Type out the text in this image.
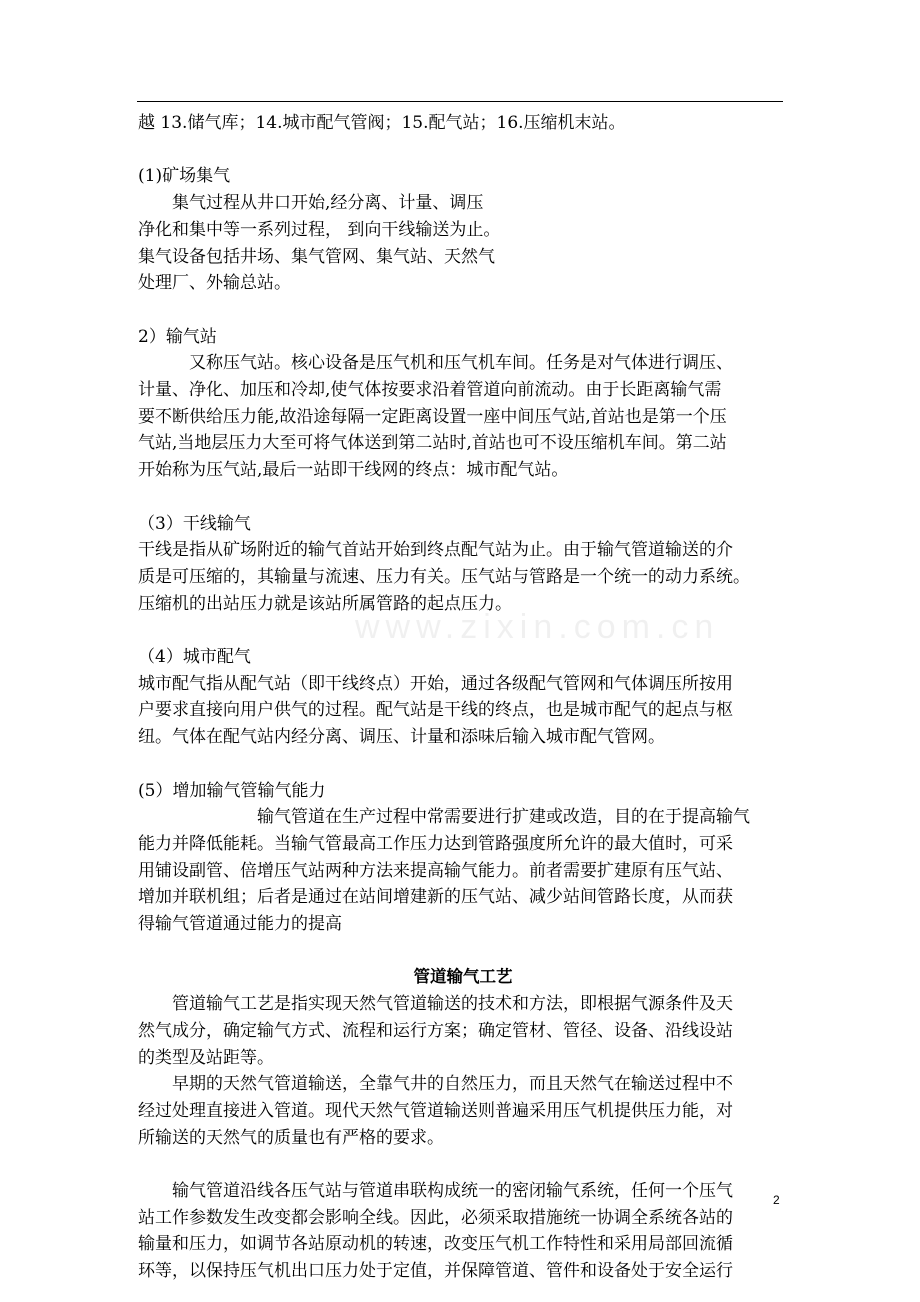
www.zixin.com.cn

越 13.储气库；14.城市配气管阀；15.配气站；16.压缩机末站。

(1)矿场集气

　　集气过程从井口开始,经分离、计量、调压

净化和集中等一系列过程， 到向干线输送为止。

集气设备包括井场、集气管网、集气站、天然气

处理厂、外输总站。

2）输气站

　　　又称压气站。核心设备是压气机和压气机车间。任务是对气体进行调压、

计量、净化、加压和冷却,使气体按要求沿着管道向前流动。由于长距离输气需

要不断供给压力能,故沿途每隔一定距离设置一座中间压气站,首站也是第一个压

气站,当地层压力大至可将气体送到第二站时,首站也可不设压缩机车间。第二站

开始称为压气站,最后一站即干线网的终点：城市配气站。

（3）干线输气

干线是指从矿场附近的输气首站开始到终点配气站为止。由于输气管道输送的介

质是可压缩的，其输量与流速、压力有关。压气站与管路是一个统一的动力系统。

压缩机的出站压力就是该站所属管路的起点压力。

（4）城市配气

城市配气指从配气站（即干线终点）开始，通过各级配气管网和气体调压所按用

户要求直接向用户供气的过程。配气站是干线的终点，也是城市配气的起点与枢

纽。气体在配气站内经分离、调压、计量和添味后输入城市配气管网。

(5）增加输气管输气能力

　　　　　　　输气管道在生产过程中常需要进行扩建或改造，目的在于提高输气

能力并降低能耗。当输气管最高工作压力达到管路强度所允许的最大值时，可采

用铺设副管、倍增压气站两种方法来提高输气能力。前者需要扩建原有压气站、

增加并联机组；后者是通过在站间增建新的压气站、减少站间管路长度，从而获

得输气管道通过能力的提高

管道输气工艺

　　管道输气工艺是指实现天然气管道输送的技术和方法，即根据气源条件及天

然气成分，确定输气方式、流程和运行方案；确定管材、管径、设备、沿线设站

的类型及站距等。

　　早期的天然气管道输送，全靠气井的自然压力，而且天然气在输送过程中不

经过处理直接进入管道。现代天然气管道输送则普遍采用压气机提供压力能，对

所输送的天然气的质量也有严格的要求。

　　输气管道沿线各压气站与管道串联构成统一的密闭输气系统，任何一个压气

站工作参数发生改变都会影响全线。因此，必须采取措施统一协调全系统各站的

输量和压力，如调节各站原动机的转速，改变压气机工作特性和采用局部回流循

环等，以保持压气机出口压力处于定值，并保障管道、管件和设备处于安全运行

2
